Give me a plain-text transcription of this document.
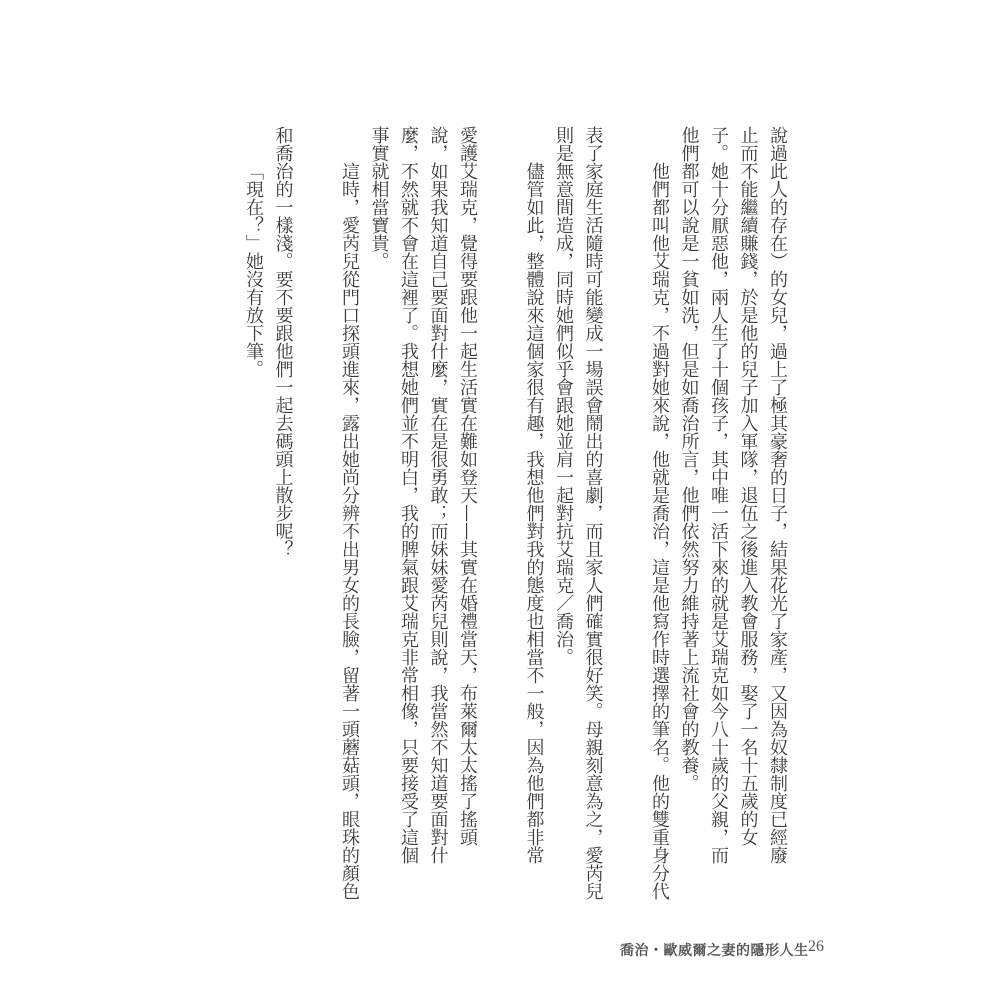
說過此人的存在）的女兒，過上了極其豪奢的日子，結果花光了家產，又因為奴隸制度已經廢
止而不能繼續賺錢，於是他的兒子加入軍隊，退伍之後進入教會服務，娶了一名十五歲的女
子。她十分厭惡他，兩人生了十個孩子，其中唯一活下來的就是艾瑞克如今八十歲的父親，而
他們都可以說是一貧如洗，但是如喬治所言，他們依然努力維持著上流社會的教養。
他們都叫他艾瑞克，不過對她來說，他就是喬治，這是他寫作時選擇的筆名。他的雙重身分代
表了家庭生活隨時可能變成一場誤會鬧出的喜劇，而且家人們確實很好笑。母親刻意為之，愛芮兒
則是無意間造成，同時她們似乎會跟她並肩一起對抗艾瑞克／喬治。
儘管如此，整體說來這個家很有趣，我想他們對我的態度也相當不一般，因為他們都非常
愛護艾瑞克，覺得要跟他一起生活實在難如登天——其實在婚禮當天，布萊爾太太搖了搖頭
說，如果我知道自己要面對什麼，實在是很勇敢；而妹妹愛芮兒則說，我當然不知道要面對什
麼，不然就不會在這裡了。我想她們並不明白，我的脾氣跟艾瑞克非常相像，只要接受了這個
事實就相當寶貴。
這時，愛芮兒從門口探頭進來，露出她尚分辨不出男女的長臉，留著一頭蘑菇頭，眼珠的顏色
和喬治的一樣淺。要不要跟他們一起去碼頭上散步呢？
「現在？」她沒有放下筆。
喬治・歐威爾之妻的隱形人生 26
